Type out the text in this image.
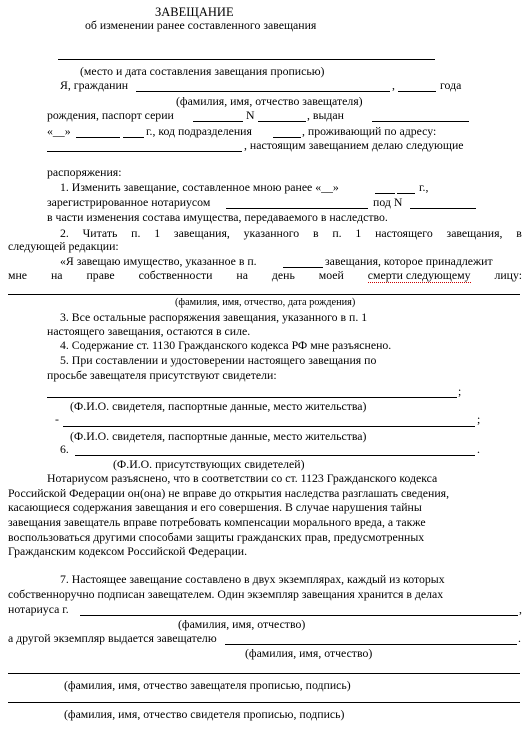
ЗАВЕЩАНИЕ
об изменении ранее составленного завещания
(место и дата составления завещания прописью)
Я, гражданин	,	года
(фамилия, имя, отчество завещателя)
рождения, паспорт серии	N	, выдан
«__»	г., код подразделения	, проживающий по адресу:
, настоящим завещанием делаю следующие
распоряжения:
1. Изменить завещание, составленное мною ранее «__»	г.,
зарегистрированное нотариусом	под N
в части изменения состава имущества, передаваемого в наследство.
2. Читать п. 1 завещания, указанного в п. 1 настоящего завещания, в
следующей редакции:
«Я завещаю имущество, указанное в п.	завещания, которое принадлежит
мне на праве собственности на день моей смерти следующему лицу:
(фамилия, имя, отчество, дата рождения)
3. Все остальные распоряжения завещания, указанного в п. 1
настоящего завещания, остаются в силе.
4. Содержание ст. 1130 Гражданского кодекса РФ мне разъяснено.
5. При составлении и удостоверении настоящего завещания по
просьбе завещателя присутствуют свидетели:
;
(Ф.И.О. свидетеля, паспортные данные, место жительства)
-	;
(Ф.И.О. свидетеля, паспортные данные, место жительства)
6.	.
(Ф.И.О. присутствующих свидетелей)
Нотариусом разъяснено, что в соответствии со ст. 1123 Гражданского кодекса
Российской Федерации он(она) не вправе до открытия наследства разглашать сведения,
касающиеся содержания завещания и его совершения. В случае нарушения тайны
завещания завещатель вправе потребовать компенсации морального вреда, а также
воспользоваться другими способами защиты гражданских прав, предусмотренных
Гражданским кодексом Российской Федерации.
7. Настоящее завещание составлено в двух экземплярах, каждый из которых
собственноручно подписан завещателем. Один экземпляр завещания хранится в делах
нотариуса г.	,
(фамилия, имя, отчество)
а другой экземпляр выдается завещателю	.
(фамилия, имя, отчество)
(фамилия, имя, отчество завещателя прописью, подпись)
(фамилия, имя, отчество свидетеля прописью, подпись)
